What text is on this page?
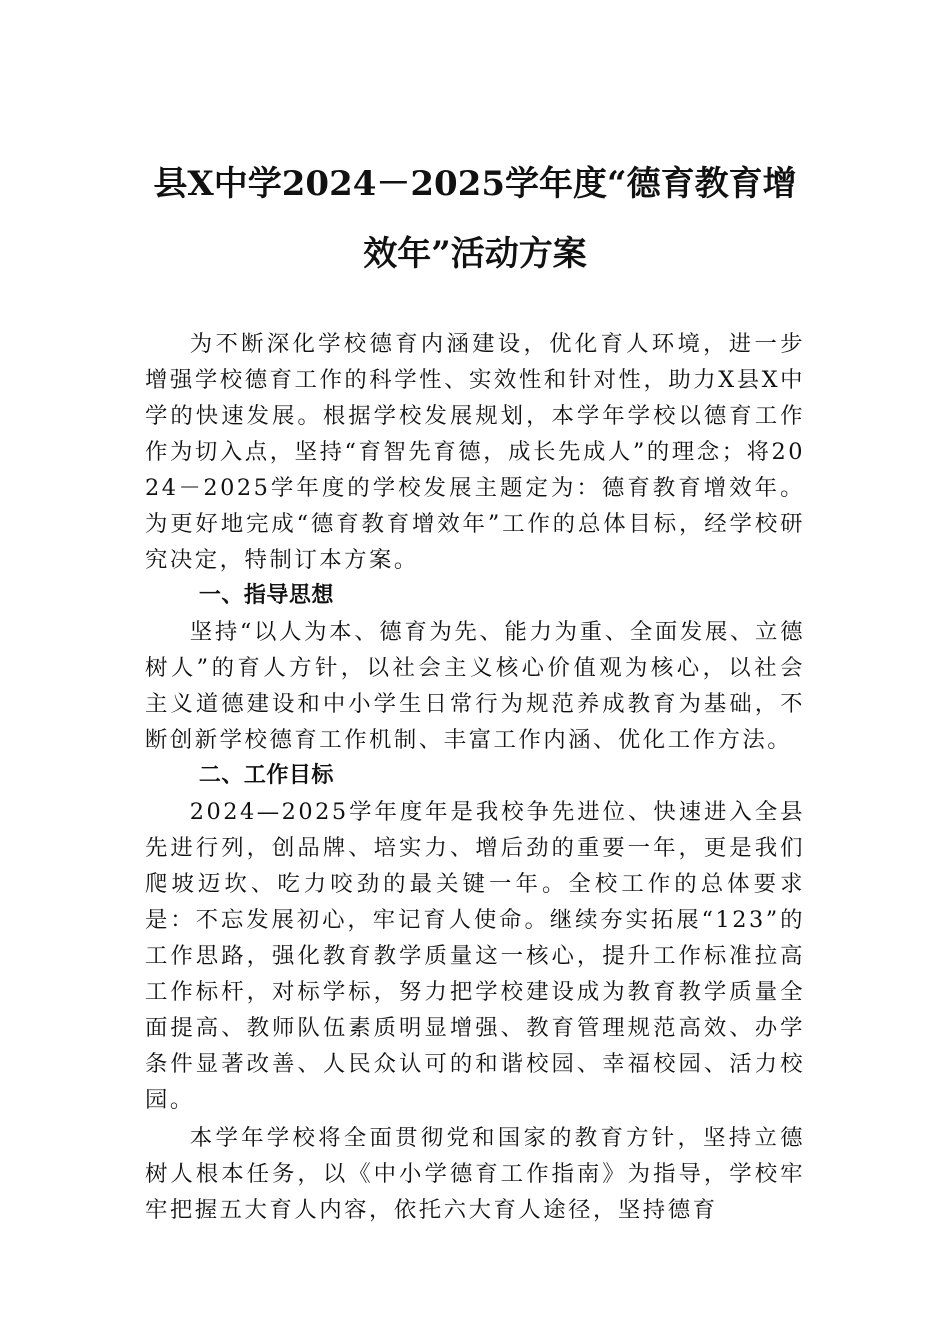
县X中学2024－2025学年度“德育教育增
效年”活动方案

为不断深化学校德育内涵建设，优化育人环境，进一步增强学校德育工作的科学性、实效性和针对性，助力X县X中学的快速发展。根据学校发展规划，本学年学校以德育工作作为切入点，坚持“育智先育德，成长先成人”的理念；将2024－2025学年度的学校发展主题定为：德育教育增效年。为更好地完成“德育教育增效年”工作的总体目标，经学校研究决定，特制订本方案。

一、指导思想

坚持“以人为本、德育为先、能力为重、全面发展、立德树人”的育人方针，以社会主义核心价值观为核心，以社会主义道德建设和中小学生日常行为规范养成教育为基础，不断创新学校德育工作机制、丰富工作内涵、优化工作方法。

二、工作目标

2024—2025学年度年是我校争先进位、快速进入全县先进行列，创品牌、培实力、增后劲的重要一年，更是我们爬坡迈坎、吃力咬劲的最关键一年。全校工作的总体要求是：不忘发展初心，牢记育人使命。继续夯实拓展“123”的工作思路，强化教育教学质量这一核心，提升工作标准拉高工作标杆，对标学标，努力把学校建设成为教育教学质量全面提高、教师队伍素质明显增强、教育管理规范高效、办学条件显著改善、人民众认可的和谐校园、幸福校园、活力校园。

本学年学校将全面贯彻党和国家的教育方针，坚持立德树人根本任务，以《中小学德育工作指南》为指导，学校牢牢把握五大育人内容，依托六大育人途径，坚持德育
